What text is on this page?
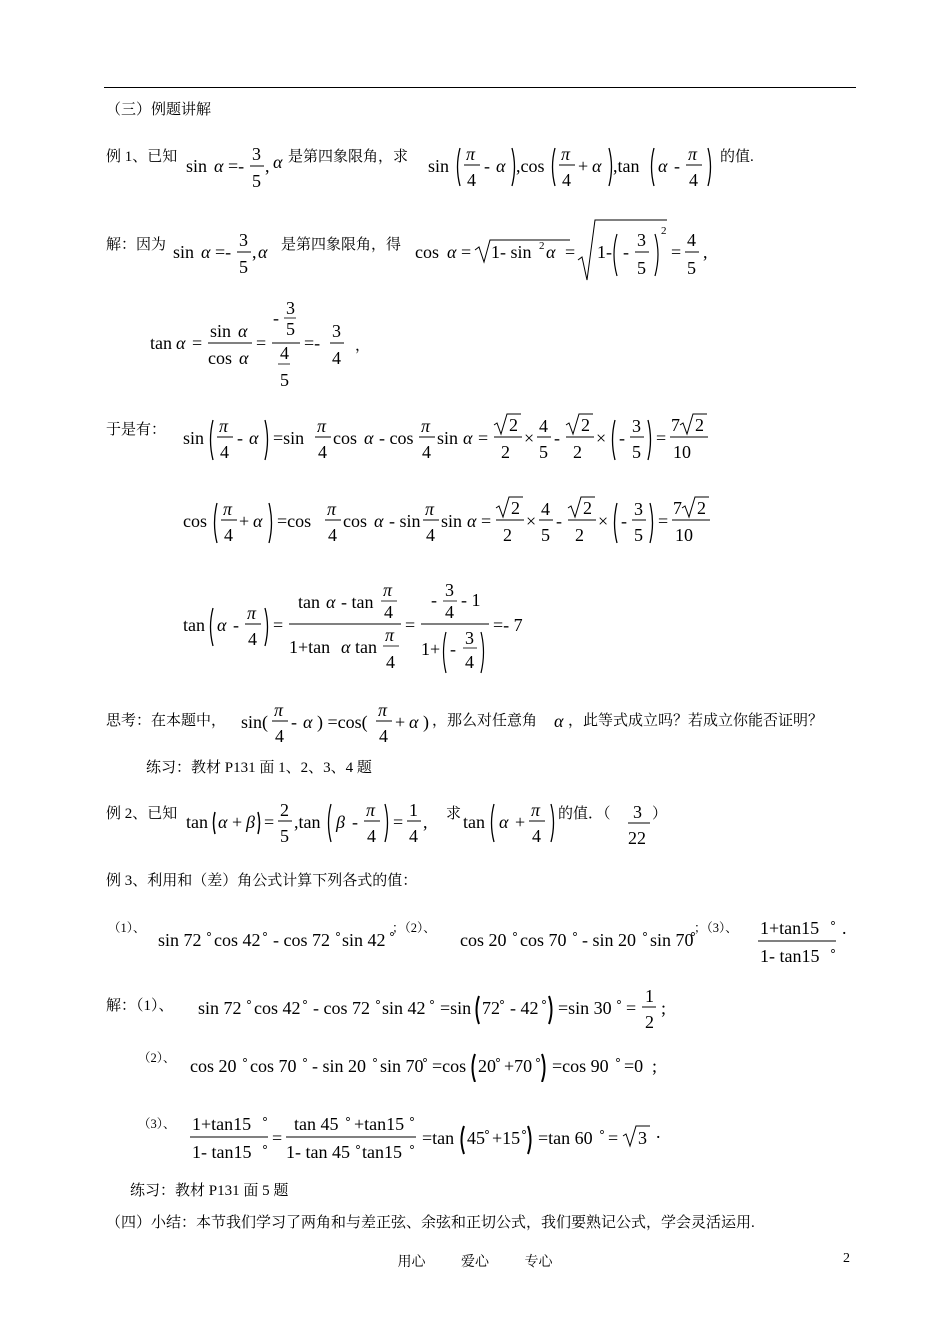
（三）例题讲解
例 1、已知 sin α =-
3
5
, α 是第四象限角，求 sin
π
4
- α ,cos
π
4
+ α ,tan α -
π
4
的值.
解：因为 sin α =-
3
5
, α 是第四象限角，得 cos α = 1- sin 2 α = 1- -
3
5
2
=
4
5
,
tan α =
sin α
cos α
=
- 3
5
4
5
=-
3
4
，
于是有： sin
π
4
- α =sin
π
4
cos α - cos
π
4
sin α =
2
2
×
4
5
-
2
2
× -
3
5
=
7 2
10
cos
π
4
+ α =cos
π
4
cos α - sin
π
4
sin α =
2
2
×
4
5
-
2
2
× -
3
5
=
7 2
10
tan α -
π
4
=
tan α - tan
π
4
1+tan α tan
π
4
=
- 3
4
- 1
1+ -
3
4
=- 7
思考：在本题中， sin(
π
4
- α ) =cos(
π
4
+ α ) ，那么对任意角 α ，此等式成立吗？若成立你能否证明？
练习：教材 P131 面 1、2、3、4 题
例 2、已知 tan α + β =
2
5
,tan β -
π
4
=
1
4
, 求 tan α +
π
4
的值．（ 3
22
）
例 3、利用和（差）角公式计算下列各式的值：
（1）、
sin 72 cos 42 - cos 72 sin 42
；（2）、
cos 20 cos 70 - sin 20 sin 70
；（3）、 1+tan15
1- tan15
.
解：（1）、 sin 72 cos 42 - cos 72 sin 42 =sin 72 - 42 =sin 30 =
1
2
;
（2）、 cos 20 cos 70 - sin 20 sin 70 =cos 20 +70 =cos 90 =0 ;
（3）、 1+tan15
1- tan15
=
tan 45 +tan15
1- tan 45 tan15
=tan 45 +15 =tan 60 = 3 .
练习：教材 P131 面 5 题
（四）小结：本节我们学习了两角和与差正弦、余弦和正切公式，我们要熟记公式，学会灵活运用.
用心	爱心	专心	2
